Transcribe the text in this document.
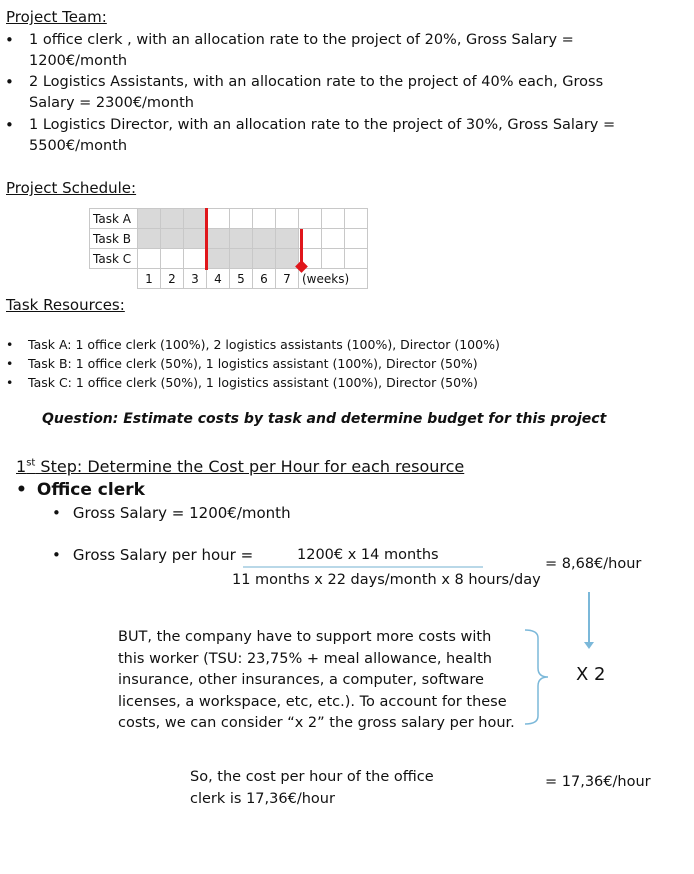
Project Team:
• 1 office clerk , with an allocation rate to the project of 20%, Gross Salary =
1200€/month
• 2 Logistics Assistants, with an allocation rate to the project of 40% each, Gross
Salary = 2300€/month
• 1 Logistics Director, with an allocation rate to the project of 30%, Gross Salary =
5500€/month
Project Schedule:
Task A										
Task B										
Task C										
	1	2	3	4	5	6	7	(weeks)		
Task Resources:
• Task A: 1 office clerk (100%), 2 logistics assistants (100%), Director (100%)
• Task B: 1 office clerk (50%), 1 logistics assistant (100%), Director (50%)
• Task C: 1 office clerk (50%), 1 logistics assistant (100%), Director (50%)
Question: Estimate costs by task and determine budget for this project
1st Step: Determine the Cost per Hour for each resource
• Office clerk
• Gross Salary = 1200€/month
• Gross Salary per hour =	1200€ x 14 months
11 months x 22 days/month x 8 hours/day
= 8,68€/hour
BUT, the company have to support more costs with
this worker (TSU: 23,75% + meal allowance, health
insurance, other insurances, a computer, software
licenses, a workspace, etc, etc.). To account for these
costs, we can consider “x 2” the gross salary per hour.
X 2
So, the cost per hour of the office
clerk is 17,36€/hour
= 17,36€/hour
